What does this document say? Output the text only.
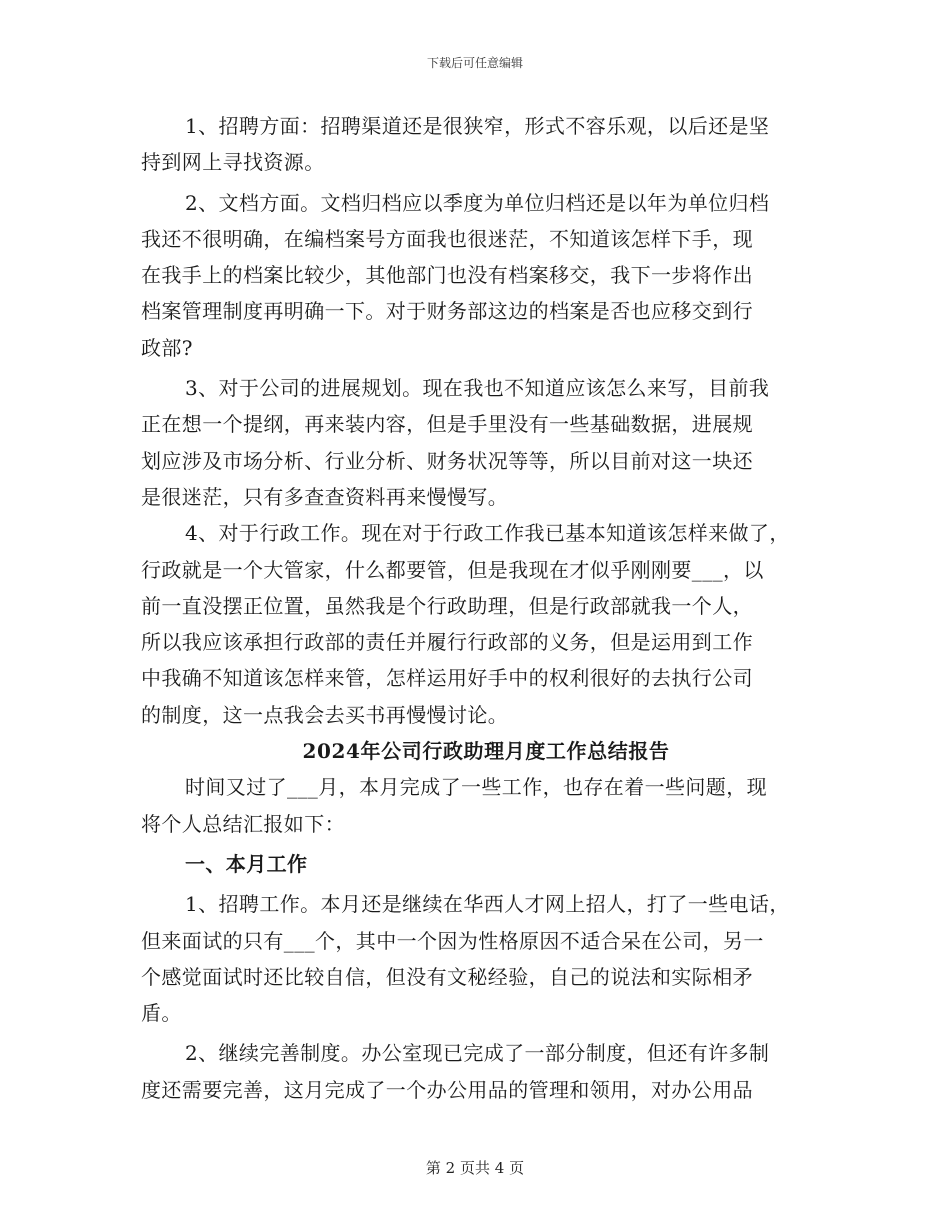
下载后可任意编辑
1、招聘方面：招聘渠道还是很狭窄，形式不容乐观，以后还是坚
持到网上寻找资源。
2、文档方面。文档归档应以季度为单位归档还是以年为单位归档
我还不很明确，在编档案号方面我也很迷茫，不知道该怎样下手，现
在我手上的档案比较少，其他部门也没有档案移交，我下一步将作出
档案管理制度再明确一下。对于财务部这边的档案是否也应移交到行
政部?
3、对于公司的进展规划。现在我也不知道应该怎么来写，目前我
正在想一个提纲，再来装内容，但是手里没有一些基础数据，进展规
划应涉及市场分析、行业分析、财务状况等等，所以目前对这一块还
是很迷茫，只有多查查资料再来慢慢写。
4、对于行政工作。现在对于行政工作我已基本知道该怎样来做了，
行政就是一个大管家，什么都要管，但是我现在才似乎刚刚要___，以
前一直没摆正位置，虽然我是个行政助理，但是行政部就我一个人，
所以我应该承担行政部的责任并履行行政部的义务，但是运用到工作
中我确不知道该怎样来管，怎样运用好手中的权利很好的去执行公司
的制度，这一点我会去买书再慢慢讨论。
2024年公司行政助理月度工作总结报告
时间又过了___月，本月完成了一些工作，也存在着一些问题，现
将个人总结汇报如下：
一、本月工作
1、招聘工作。本月还是继续在华西人才网上招人，打了一些电话，
但来面试的只有___个，其中一个因为性格原因不适合呆在公司，另一
个感觉面试时还比较自信，但没有文秘经验，自己的说法和实际相矛
盾。
2、继续完善制度。办公室现已完成了一部分制度，但还有许多制
度还需要完善，这月完成了一个办公用品的管理和领用，对办公用品
第 2 页共 4 页
